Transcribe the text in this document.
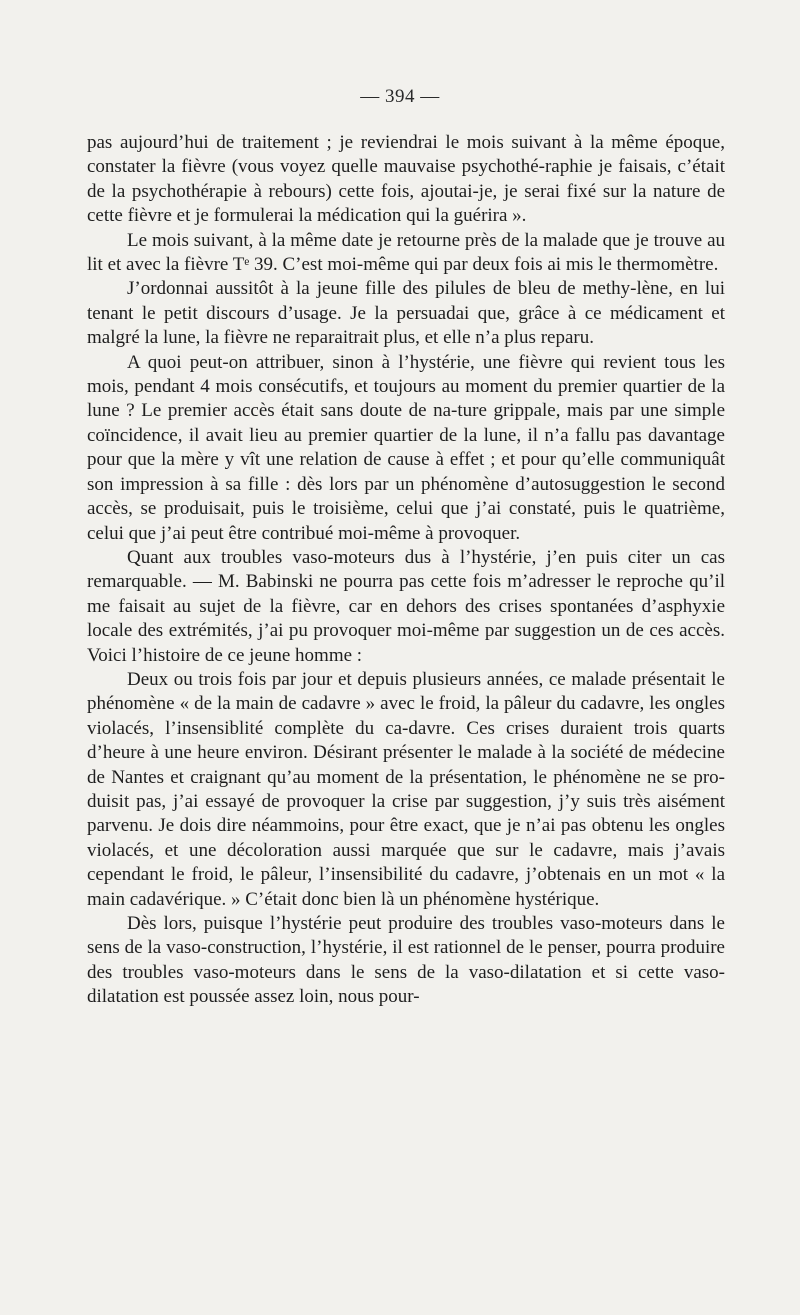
— 394 —

pas aujourd’hui de traitement ; je reviendrai le mois suivant à la même époque, constater la fièvre (vous voyez quelle mauvaise psychothé-raphie je faisais, c’était de la psychothérapie à rebours) cette fois, ajoutai-je, je serai fixé sur la nature de cette fièvre et je formulerai la médication qui la guérira ».

Le mois suivant, à la même date je retourne près de la malade que je trouve au lit et avec la fièvre Tᵉ 39. C’est moi-même qui par deux fois ai mis le thermomètre.

J’ordonnai aussitôt à la jeune fille des pilules de bleu de methy-lène, en lui tenant le petit discours d’usage. Je la persuadai que, grâce à ce médicament et malgré la lune, la fièvre ne reparaitrait plus, et elle n’a plus reparu.

A quoi peut-on attribuer, sinon à l’hystérie, une fièvre qui revient tous les mois, pendant 4 mois consécutifs, et toujours au moment du premier quartier de la lune ? Le premier accès était sans doute de na-ture grippale, mais par une simple coïncidence, il avait lieu au premier quartier de la lune, il n’a fallu pas davantage pour que la mère y vît une relation de cause à effet ; et pour qu’elle communiquât son impression à sa fille : dès lors par un phénomène d’autosuggestion le second accès, se produisait, puis le troisième, celui que j’ai constaté, puis le quatrième, celui que j’ai peut être contribué moi-même à provoquer.

Quant aux troubles vaso-moteurs dus à l’hystérie, j’en puis citer un cas remarquable. — M. Babinski ne pourra pas cette fois m’adresser le reproche qu’il me faisait au sujet de la fièvre, car en dehors des crises spontanées d’asphyxie locale des extrémités, j’ai pu provoquer moi-même par suggestion un de ces accès. Voici l’histoire de ce jeune homme :

Deux ou trois fois par jour et depuis plusieurs années, ce malade présentait le phénomène « de la main de cadavre » avec le froid, la pâleur du cadavre, les ongles violacés, l’insensiblité complète du ca-davre. Ces crises duraient trois quarts d’heure à une heure environ. Désirant présenter le malade à la société de médecine de Nantes et craignant qu’au moment de la présentation, le phénomène ne se pro-duisit pas, j’ai essayé de provoquer la crise par suggestion, j’y suis très aisément parvenu. Je dois dire néammoins, pour être exact, que je n’ai pas obtenu les ongles violacés, et une décoloration aussi marquée que sur le cadavre, mais j’avais cependant le froid, le pâleur, l’insensibilité du cadavre, j’obtenais en un mot « la main cadavérique. » C’était donc bien là un phénomène hystérique.

Dès lors, puisque l’hystérie peut produire des troubles vaso-moteurs dans le sens de la vaso-construction, l’hystérie, il est rationnel de le penser, pourra produire des troubles vaso-moteurs dans le sens de la vaso-dilatation et si cette vaso-dilatation est poussée assez loin, nous pour-
